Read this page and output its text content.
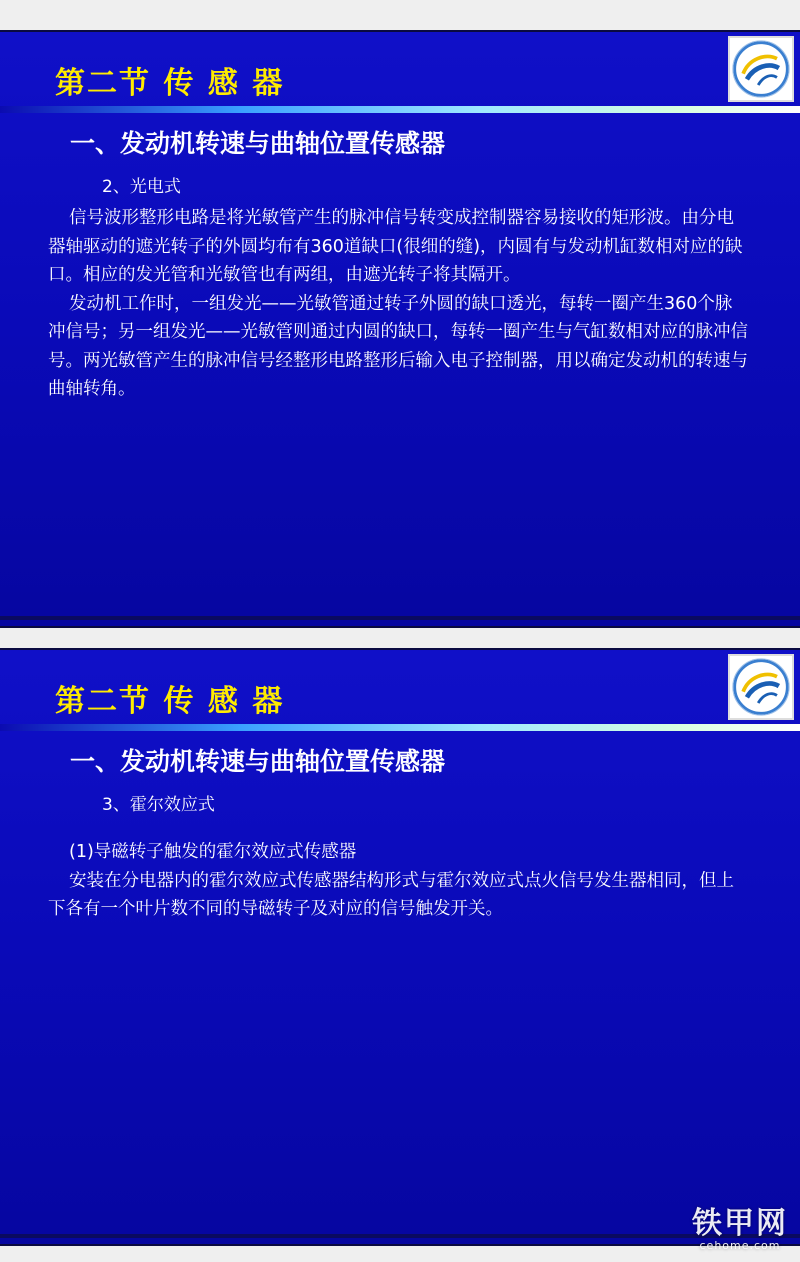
第二节 传 感 器
一、发动机转速与曲轴位置传感器
2、光电式

信号波形整形电路是将光敏管产生的脉冲信号转变成控制器容易接收的矩形波。由分电器轴驱动的遮光转子的外圆均布有360道缺口(很细的缝)，内圆有与发动机缸数相对应的缺口。相应的发光管和光敏管也有两组，由遮光转子将其隔开。

发动机工作时，一组发光——光敏管通过转子外圆的缺口透光，每转一圈产生360个脉冲信号；另一组发光——光敏管则通过内圆的缺口，每转一圈产生与气缸数相对应的脉冲信号。两光敏管产生的脉冲信号经整形电路整形后输入电子控制器，用以确定发动机的转速与曲轴转角。

第二节 传 感 器
一、发动机转速与曲轴位置传感器
3、霍尔效应式

(1)导磁转子触发的霍尔效应式传感器

安装在分电器内的霍尔效应式传感器结构形式与霍尔效应式点火信号发生器相同，但上下各有一个叶片数不同的导磁转子及对应的信号触发开关。

铁甲网
cehome.com
